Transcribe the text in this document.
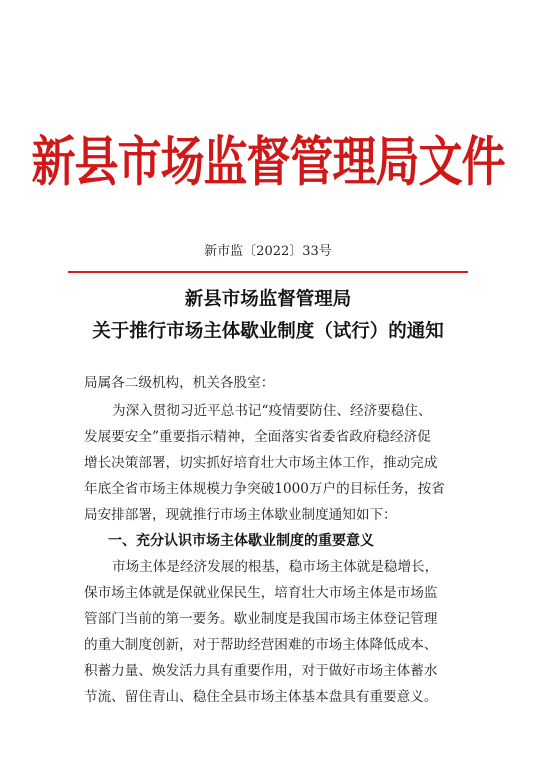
新县市场监督管理局文件
新市监〔2022〕33号
新县市场监督管理局
关于推行市场主体歇业制度（试行）的通知
局属各二级机构，机关各股室：
为深入贯彻习近平总书记“疫情要防住、经济要稳住、
发展要安全”重要指示精神，全面落实省委省政府稳经济促
增长决策部署，切实抓好培育壮大市场主体工作，推动完成
年底全省市场主体规模力争突破1000万户的目标任务，按省
局安排部署，现就推行市场主体歇业制度通知如下：
一、充分认识市场主体歇业制度的重要意义
市场主体是经济发展的根基，稳市场主体就是稳增长，
保市场主体就是保就业保民生，培育壮大市场主体是市场监
管部门当前的第一要务。歇业制度是我国市场主体登记管理
的重大制度创新，对于帮助经营困难的市场主体降低成本、
积蓄力量、焕发活力具有重要作用，对于做好市场主体蓄水
节流、留住青山、稳住全县市场主体基本盘具有重要意义。
